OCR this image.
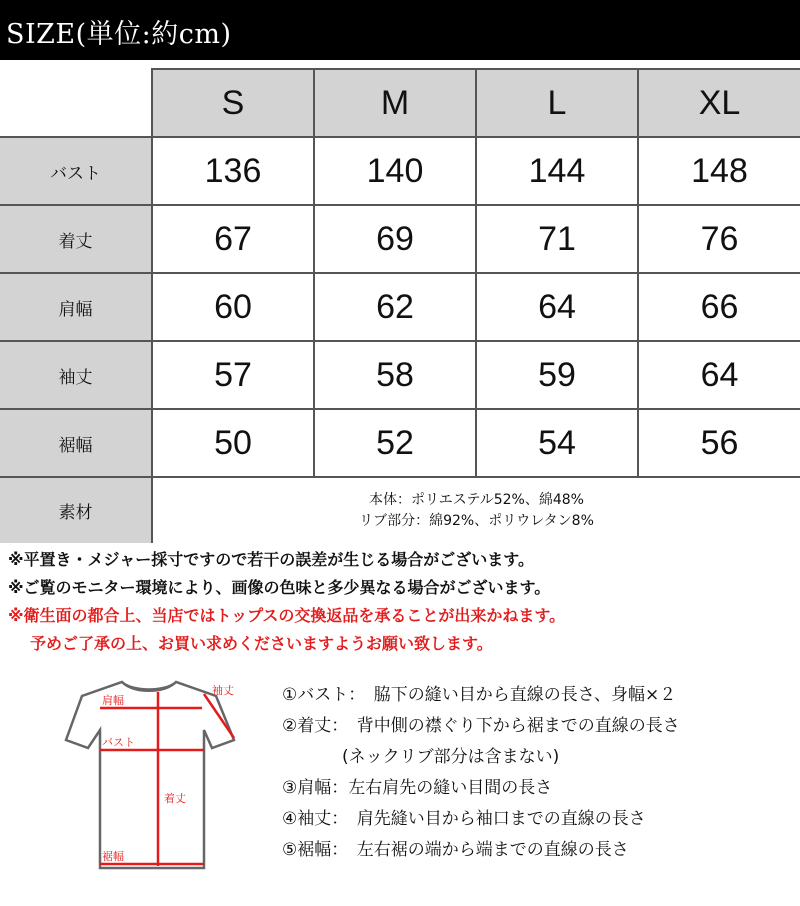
SIZE(単位:約cm)
	S	M	L	XL
バスト	136	140	144	148
着丈	67	69	71	76
肩幅	60	62	64	66
袖丈	57	58	59	64
裾幅	50	52	54	56
素材	本体：ポリエステル52%、綿48%
リブ部分：綿92%、ポリウレタン8%			
※平置き・メジャー採寸ですので若干の誤差が生じる場合がございます。
※ご覧のモニター環境により、画像の色味と多少異なる場合がございます。
※衛生面の都合上、当店ではトップスの交換返品を承ることが出来かねます。
予めご了承の上、お買い求めくださいますようお願い致します。
袖丈
肩幅
バスト
着丈
裾幅
①バスト：　脇下の縫い目から直線の長さ、身幅×２
②着丈：　背中側の襟ぐり下から裾までの直線の長さ
(ネックリブ部分は含まない)
③肩幅：左右肩先の縫い目間の長さ
④袖丈：　肩先縫い目から袖口までの直線の長さ
⑤裾幅：　左右裾の端から端までの直線の長さ
